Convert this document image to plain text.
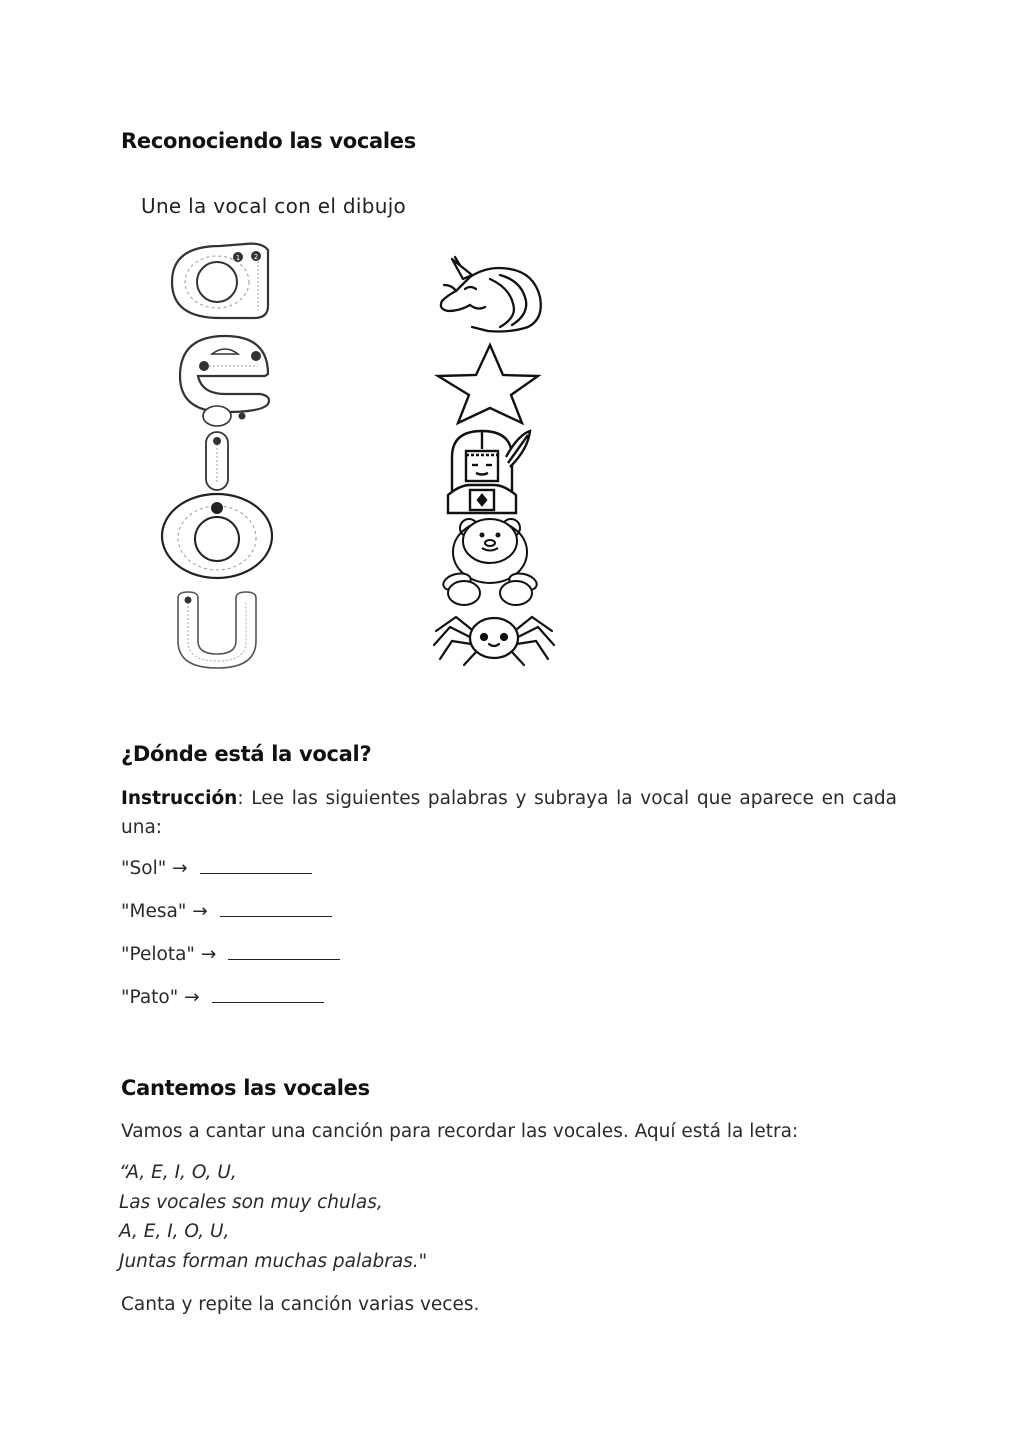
Reconociendo las vocales
Une la vocal con el dibujo
1 2
¿Dónde está la vocal?
Instrucción: Lee las siguientes palabras y subraya la vocal que aparece en cada una:
"Sol" →
"Mesa" →
"Pelota" →
"Pato" →
Cantemos las vocales
Vamos a cantar una canción para recordar las vocales. Aquí está la letra:
“A, E, I, O, U,
Las vocales son muy chulas,
A, E, I, O, U,
Juntas forman muchas palabras."
Canta y repite la canción varias veces.
